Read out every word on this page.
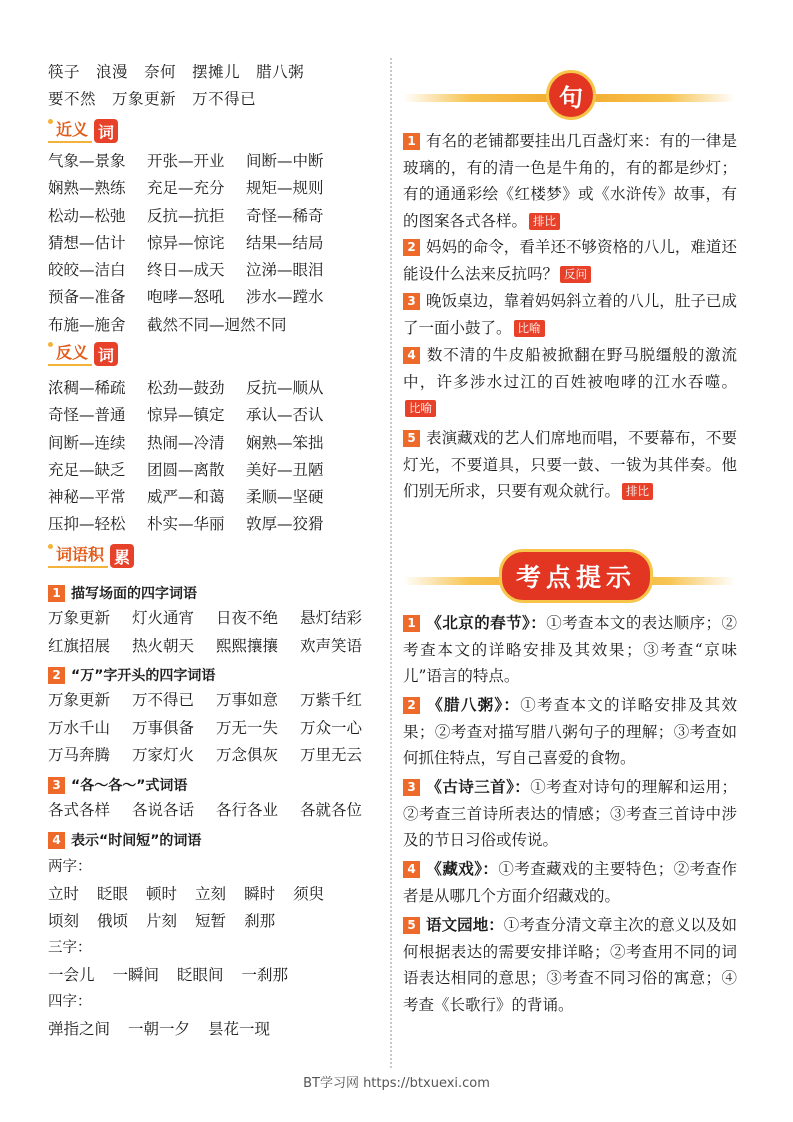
筷子　 浪漫　 奈何　 摆摊儿　 腊八粥
要不然　 万象更新　 万不得已
近义 词
气象—景象	开张—开业	间断—中断
娴熟—熟练	充足—充分	规矩—规则
松动—松弛	反抗—抗拒	奇怪—稀奇
猜想—估计	惊异—惊诧	结果—结局
皎皎—洁白	终日—成天	泣涕—眼泪
预备—准备	咆哮—怒吼	涉水—蹚水
布施—施舍	截然不同—迥然不同
反义 词
浓稠—稀疏	松劲—鼓劲	反抗—顺从
奇怪—普通	惊异—镇定	承认—否认
间断—连续	热闹—冷清	娴熟—笨拙
充足—缺乏	团圆—离散	美好—丑陋
神秘—平常	威严—和蔼	柔顺—坚硬
压抑—轻松	朴实—华丽	敦厚—狡猾
词语积 累
1 描写场面的四字词语
万象更新	灯火通宵	日夜不绝	悬灯结彩
红旗招展	热火朝天	熙熙攘攘	欢声笑语
2 “万”字开头的四字词语
万象更新	万不得已	万事如意	万紫千红
万水千山	万事俱备	万无一失	万众一心
万马奔腾	万家灯火	万念俱灰	万里无云
3 “各～各～”式词语
各式各样	各说各话	各行各业	各就各位
4 表示“时间短”的词语
两字：
立时 眨眼 顿时 立刻 瞬时 须臾
顷刻 俄顷 片刻 短暂 刹那
三字：
一会儿 一瞬间 眨眼间 一刹那
四字：
弹指之间 一朝一夕 昙花一现
句
1 有名的老铺都要挂出几百盏灯来：有的一律是玻璃的，有的清一色是牛角的，有的都是纱灯；有的通通彩绘《红楼梦》或《水浒传》故事，有的图案各式各样。 排比
2 妈妈的命令，看羊还不够资格的八儿，难道还能设什么法来反抗吗？ 反问
3 晚饭桌边，靠着妈妈斜立着的八儿，肚子已成了一面小鼓了。 比喻
4 数不清的牛皮船被掀翻在野马脱缰般的激流中，许多涉水过江的百姓被咆哮的江水吞噬。比喻
5 表演藏戏的艺人们席地而唱，不要幕布，不要灯光，不要道具，只要一鼓、一钹为其伴奏。他们别无所求，只要有观众就行。 排比
考点提示
1 《北京的春节》：①考查本文的表达顺序；②考查本文的详略安排及其效果；③考查“京味儿”语言的特点。
2 《腊八粥》：①考查本文的详略安排及其效果；②考查对描写腊八粥句子的理解；③考查如何抓住特点，写自己喜爱的食物。
3 《古诗三首》：①考查对诗句的理解和运用；②考查三首诗所表达的情感；③考查三首诗中涉及的节日习俗或传说。
4 《藏戏》：①考查藏戏的主要特色；②考查作者是从哪几个方面介绍藏戏的。
5 语文园地：①考查分清文章主次的意义以及如何根据表达的需要安排详略；②考查用不同的词语表达相同的意思；③考查不同习俗的寓意；④考查《长歌行》的背诵。
BT学习网 https://btxuexi.com
